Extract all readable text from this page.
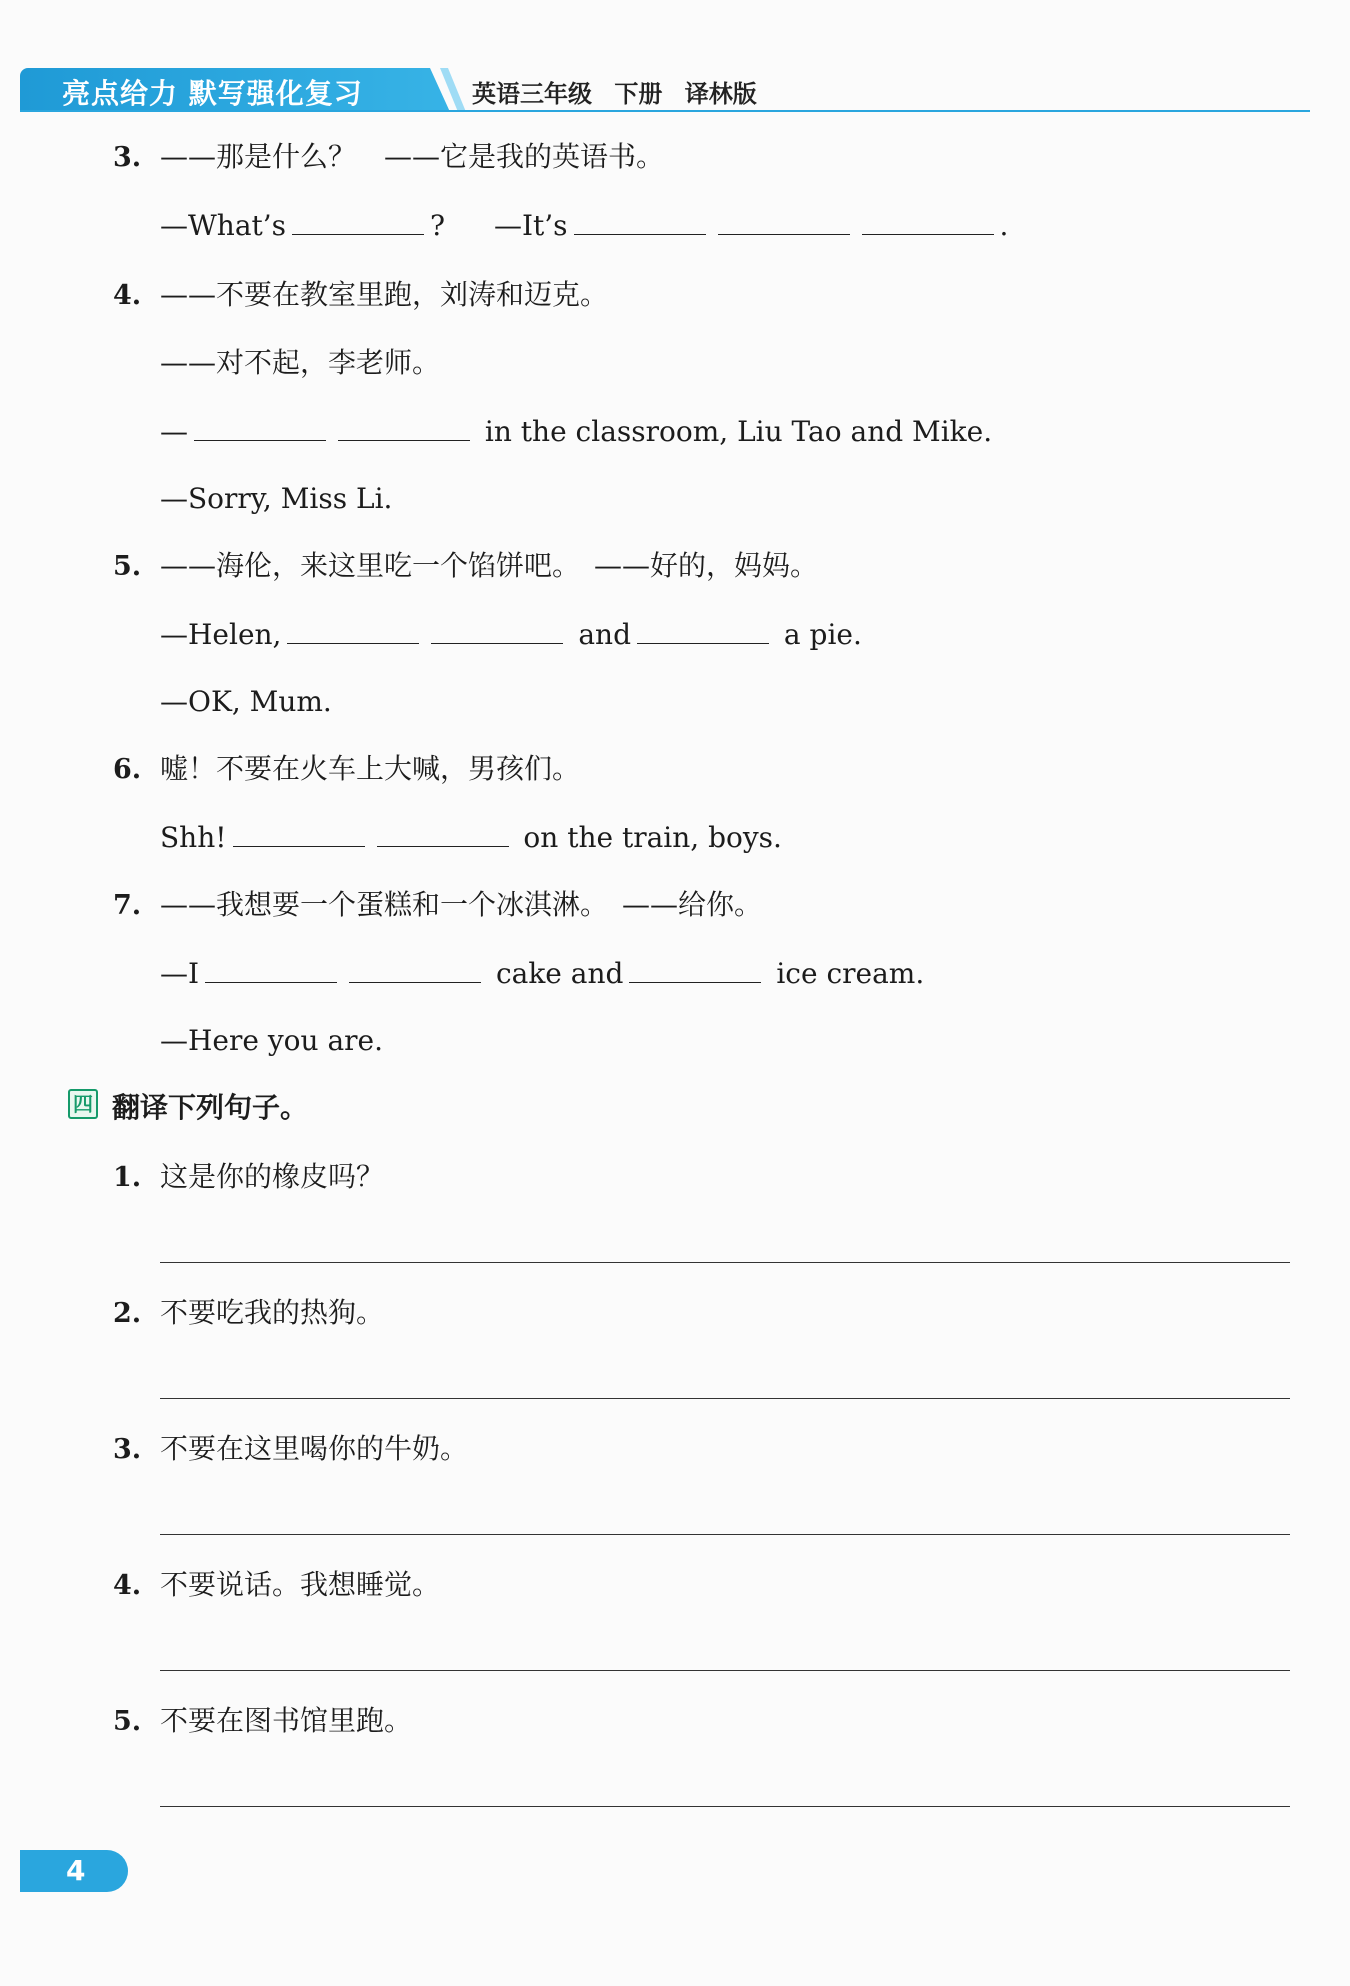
亮点给力 默写强化复习	英语三年级 下册 译林版
3. ——那是什么？　——它是我的英语书。
—What’s	? —It’s	.
4. ——不要在教室里跑，刘涛和迈克。
——对不起，李老师。
—	in the classroom, Liu Tao and Mike.
—Sorry, Miss Li.
5. ——海伦，来这里吃一个馅饼吧。　——好的，妈妈。
—Helen,	and	a pie.
—OK, Mum.
6. 嘘！不要在火车上大喊，男孩们。
Shh!	on the train, boys.
7. ——我想要一个蛋糕和一个冰淇淋。　——给你。
—I	cake and	ice cream.
—Here you are.
四 翻译下列句子。
1. 这是你的橡皮吗？
2. 不要吃我的热狗。
3. 不要在这里喝你的牛奶。
4. 不要说话。我想睡觉。
5. 不要在图书馆里跑。
4
